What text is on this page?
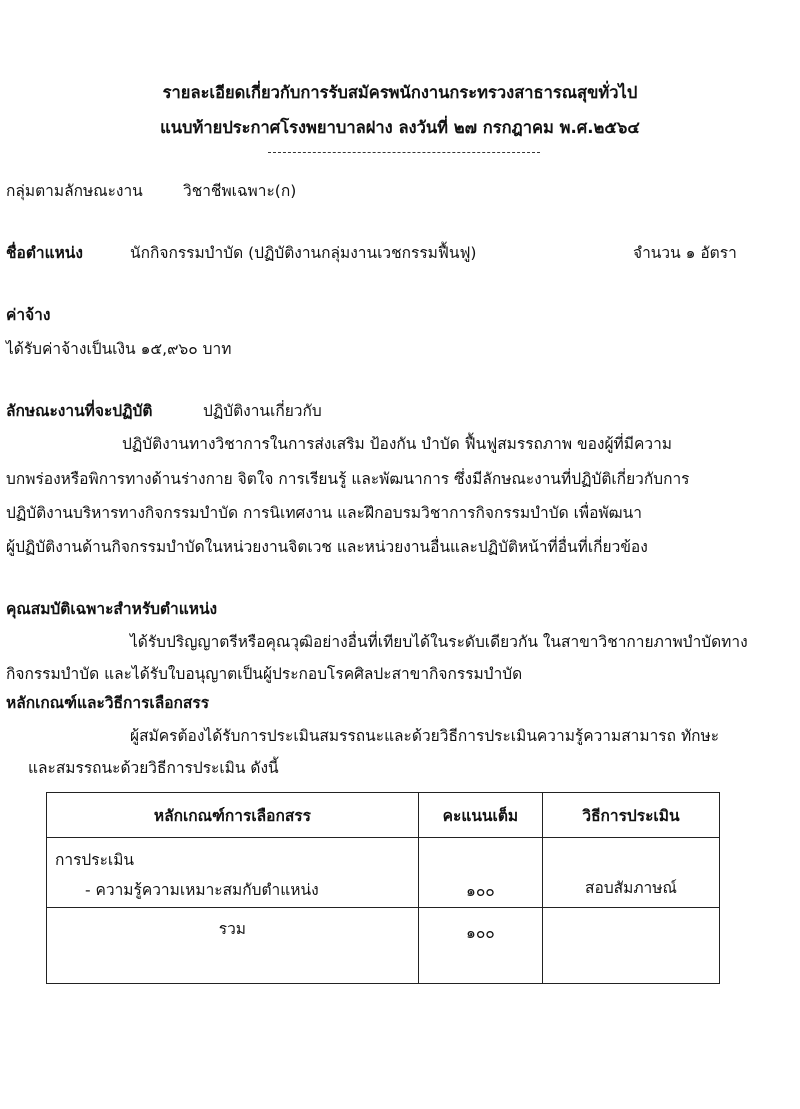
รายละเอียดเกี่ยวกับการรับสมัครพนักงานกระทรวงสาธารณสุขทั่วไป
แนบท้ายประกาศโรงพยาบาลฝาง ลงวันที่ ๒๗ กรกฎาคม พ.ศ.๒๕๖๔
กลุ่มตามลักษณะงาน	วิชาชีพเฉพาะ(ก)
ชื่อตำแหน่ง	นักกิจกรรมบำบัด (ปฏิบัติงานกลุ่มงานเวชกรรมฟื้นฟู)	จำนวน ๑ อัตรา
ค่าจ้าง
ได้รับค่าจ้างเป็นเงิน ๑๕,๙๖๐ บาท
ลักษณะงานที่จะปฏิบัติ	ปฏิบัติงานเกี่ยวกับ
ปฏิบัติงานทางวิชาการในการส่งเสริม ป้องกัน บำบัด ฟื้นฟูสมรรถภาพ ของผู้ที่มีความ
บกพร่องหรือพิการทางด้านร่างกาย จิตใจ การเรียนรู้ และพัฒนาการ ซึ่งมีลักษณะงานที่ปฏิบัติเกี่ยวกับการ
ปฏิบัติงานบริหารทางกิจกรรมบำบัด การนิเทศงาน และฝึกอบรมวิชาการกิจกรรมบำบัด เพื่อพัฒนา
ผู้ปฏิบัติงานด้านกิจกรรมบำบัดในหน่วยงานจิตเวช และหน่วยงานอื่นและปฏิบัติหน้าที่อื่นที่เกี่ยวข้อง
คุณสมบัติเฉพาะสำหรับตำแหน่ง
ได้รับปริญญาตรีหรือคุณวุฒิอย่างอื่นที่เทียบได้ในระดับเดียวกัน ในสาขาวิชากายภาพบำบัดทาง
กิจกรรมบำบัด และได้รับใบอนุญาตเป็นผู้ประกอบโรคศิลปะสาขากิจกรรมบำบัด
หลักเกณฑ์และวิธีการเลือกสรร
ผู้สมัครต้องได้รับการประเมินสมรรถนะและด้วยวิธีการประเมินความรู้ความสามารถ ทักษะ
และสมรรถนะด้วยวิธีการประเมิน ดังนี้
หลักเกณฑ์การเลือกสรร	คะแนนเต็ม	วิธีการประเมิน

การประเมิน
- ความรู้ความเหมาะสมกับตำแหน่ง	๑๐๐	สอบสัมภาษณ์
รวม	๑๐๐	
